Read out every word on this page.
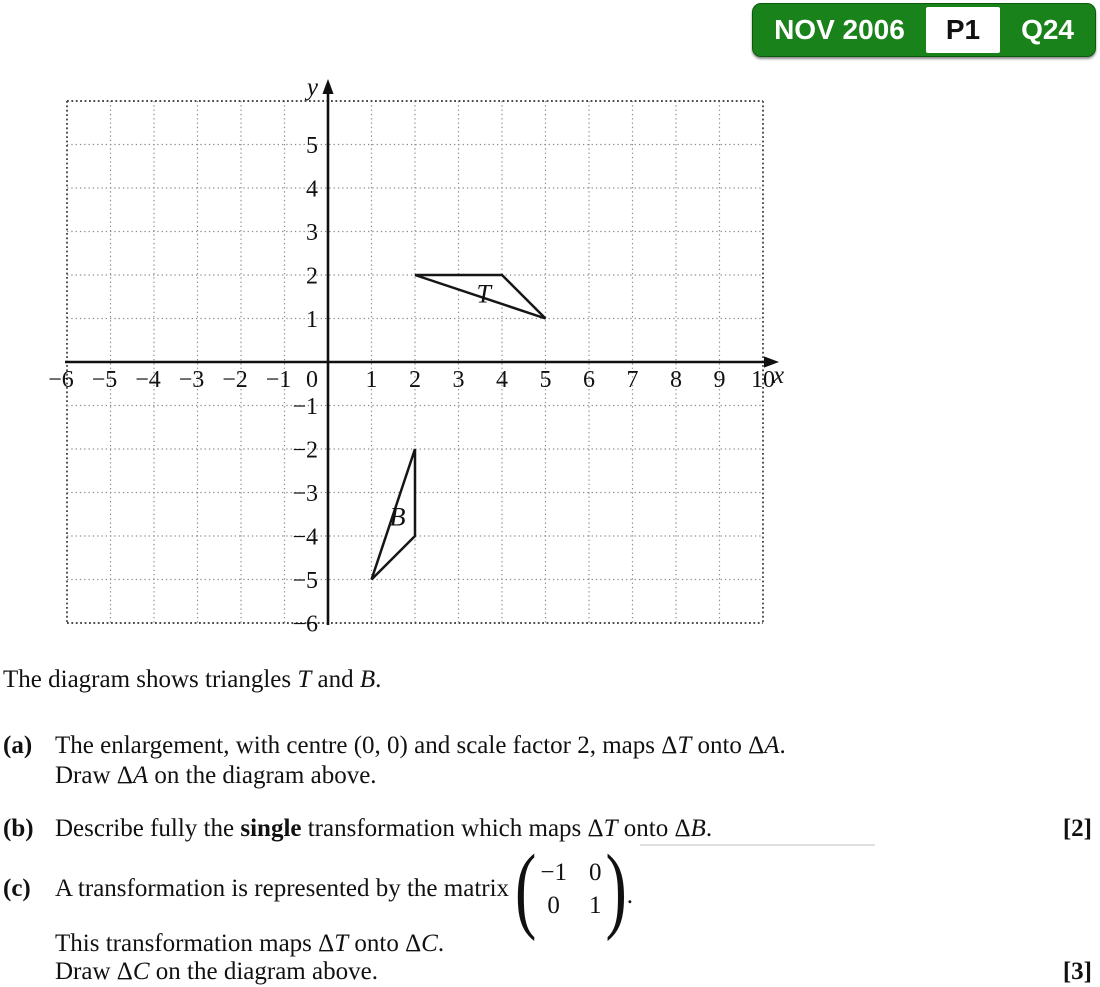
NOV 2006	P1	Q24
T
B
−6 −5 −4 −3 −2 −1 0 1 2 3 4 5 6 7 8 9 10
5
4
3
2
1
−1
−2
−3
−4
−5
−6
x
y
The diagram shows triangles T and B.
(a) The enlargement, with centre (0, 0) and scale factor 2, maps ΔT onto ΔA.
Draw ΔA on the diagram above.
(b) Describe fully the single transformation which maps ΔT onto ΔB.	[2]
(c) A transformation is represented by the matrix ( −1 0
0 1 ) .
This transformation maps ΔT onto ΔC.
Draw ΔC on the diagram above.	[3]
